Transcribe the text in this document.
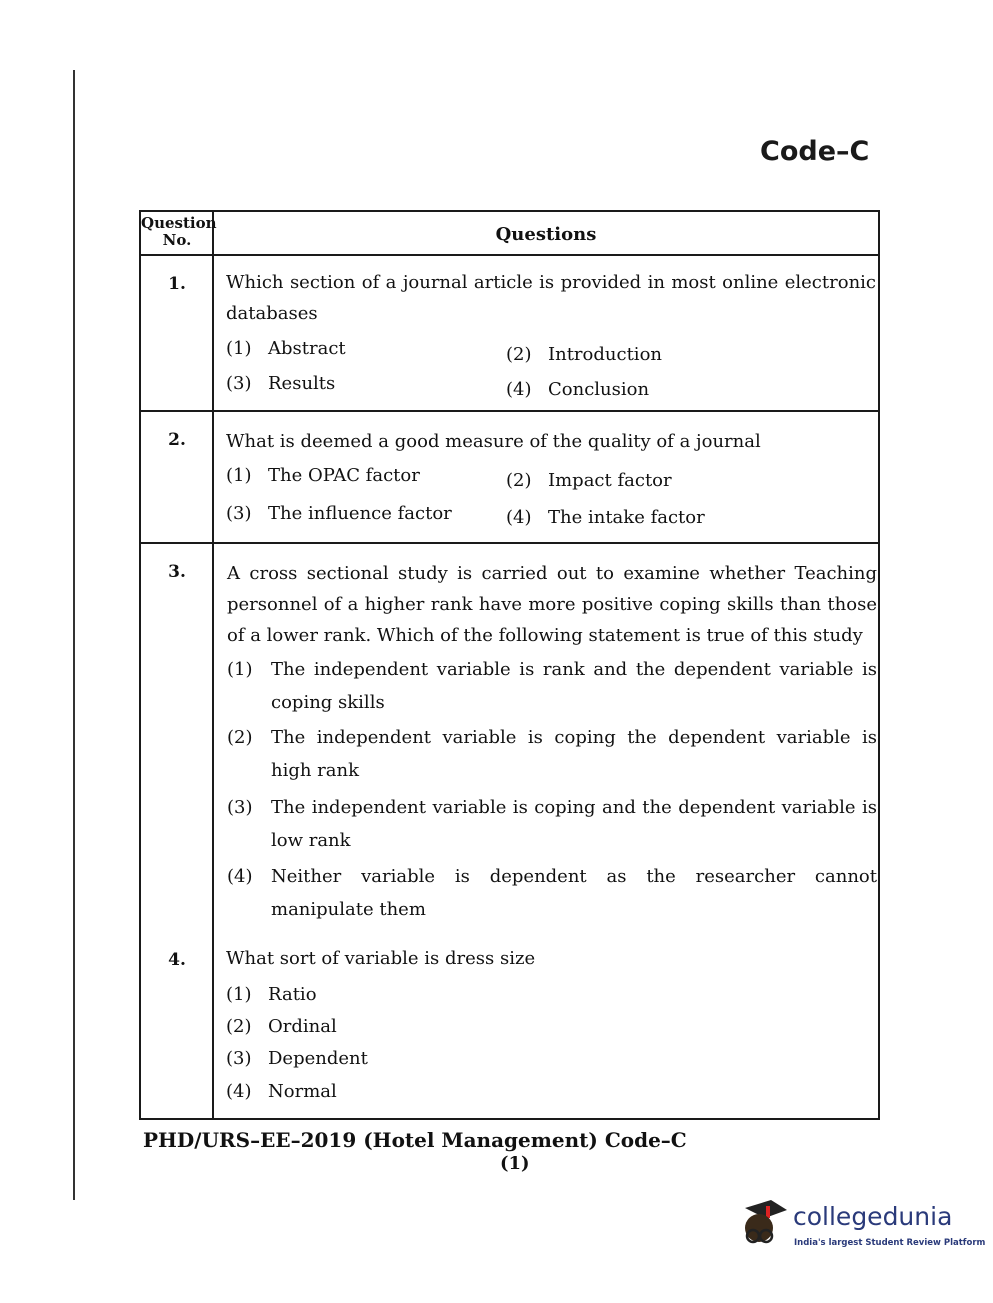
Code–C
Question
No.	Questions
1.	Which section of a journal article is provided in most online electronic databases
(1) Abstract	(2) Introduction
(3) Results	(4) Conclusion
2.	What is deemed a good measure of the quality of a journal
(1) The OPAC factor	(2) Impact factor
(3) The influence factor	(4) The intake factor
3.	A cross sectional study is carried out to examine whether Teaching personnel of a higher rank have more positive coping skills than those of a lower rank. Which of the following statement is true of this study
(1) The independent variable is rank and the dependent variable is coping skills
(2) The independent variable is coping the dependent variable is high rank
(3) The independent variable is coping and the dependent variable is low rank
(4) Neither variable is dependent as the researcher cannot manipulate them
4.	What sort of variable is dress size
(1) Ratio
(2) Ordinal
(3) Dependent
(4) Normal
PHD/URS–EE–2019 (Hotel Management) Code–C
(1)
collegedunia
India's largest Student Review Platform
